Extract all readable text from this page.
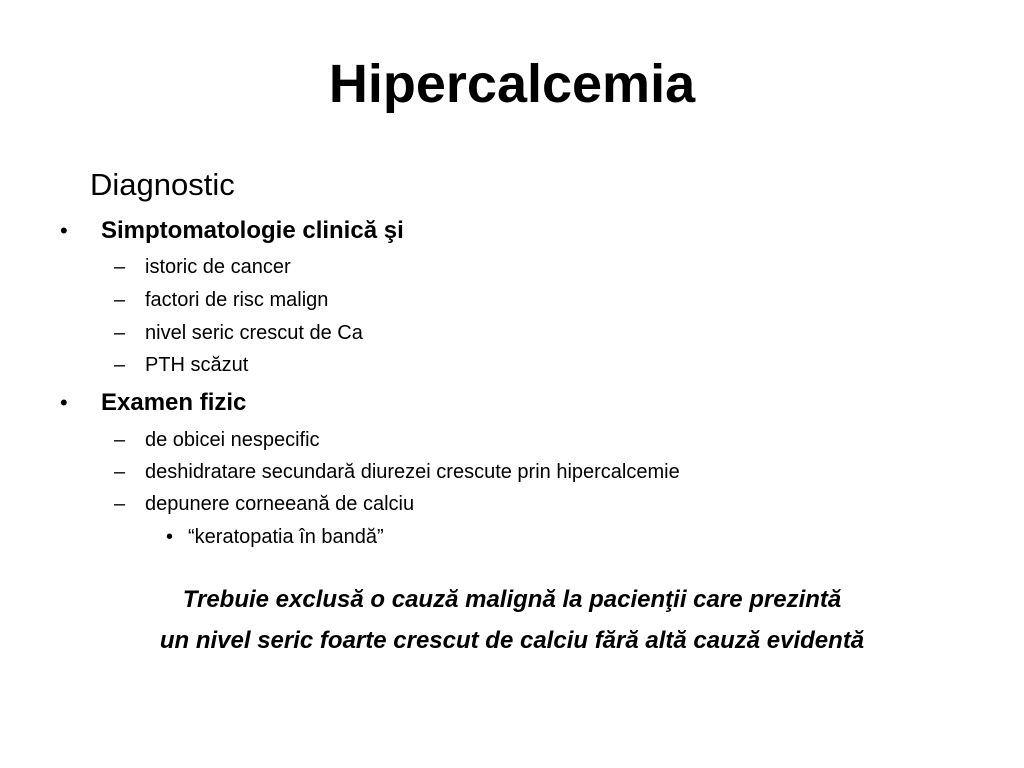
Hipercalcemia
Diagnostic
• Simptomatologie clinică şi
– istoric de cancer
– factori de risc malign
– nivel seric crescut de Ca
– PTH scăzut
• Examen fizic
– de obicei nespecific
– deshidratare secundară diurezei crescute prin hipercalcemie
– depunere corneeană de calciu
• “keratopatia în bandă”
Trebuie exclusă o cauză malignă la pacienţii care prezintă
un nivel seric foarte crescut de calciu fără altă cauză evidentă
